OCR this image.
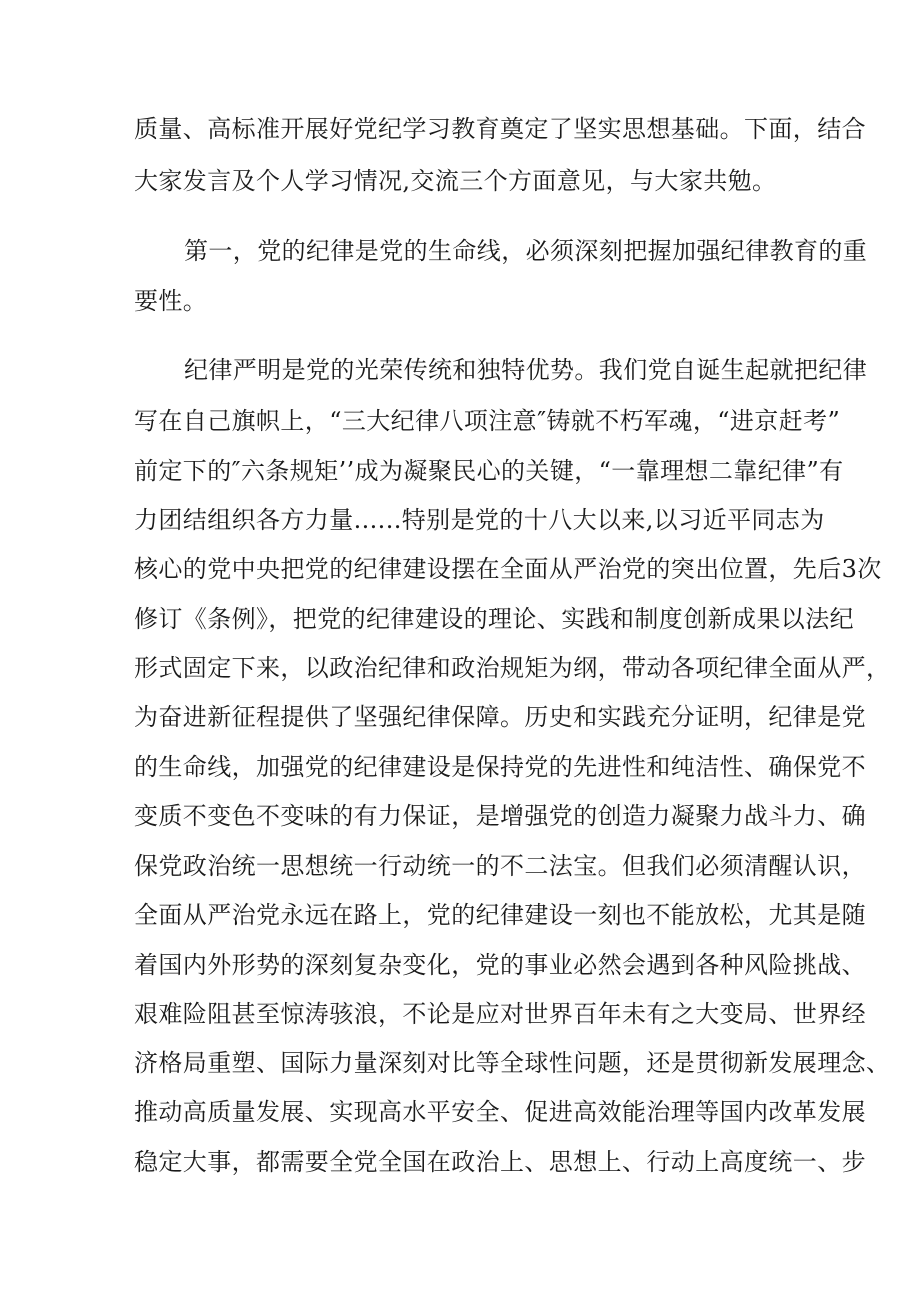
质量、高标准开展好党纪学习教育奠定了坚实思想基础。下面，结合
大家发言及个人学习情况,交流三个方面意见，与大家共勉。
第一，党的纪律是党的生命线，必须深刻把握加强纪律教育的重
要性。
纪律严明是党的光荣传统和独特优势。我们党自诞生起就把纪律
写在自己旗帜上，“三大纪律八项注意″铸就不朽军魂，“进京赶考”
前定下的″六条规矩’’成为凝聚民心的关键，“一靠理想二靠纪律”有
力团结组织各方力量......特别是党的十八大以来,以习近平同志为
核心的党中央把党的纪律建设摆在全面从严治党的突出位置，先后3次
修订《条例》，把党的纪律建设的理论、实践和制度创新成果以法纪
形式固定下来，以政治纪律和政治规矩为纲，带动各项纪律全面从严，
为奋进新征程提供了坚强纪律保障。历史和实践充分证明，纪律是党
的生命线，加强党的纪律建设是保持党的先进性和纯洁性、确保党不
变质不变色不变味的有力保证，是增强党的创造力凝聚力战斗力、确
保党政治统一思想统一行动统一的不二法宝。但我们必须清醒认识，
全面从严治党永远在路上，党的纪律建设一刻也不能放松，尤其是随
着国内外形势的深刻复杂变化，党的事业必然会遇到各种风险挑战、
艰难险阻甚至惊涛骇浪，不论是应对世界百年未有之大变局、世界经
济格局重塑、国际力量深刻对比等全球性问题，还是贯彻新发展理念、
推动高质量发展、实现高水平安全、促进高效能治理等国内改革发展
稳定大事，都需要全党全国在政治上、思想上、行动上高度统一、步
